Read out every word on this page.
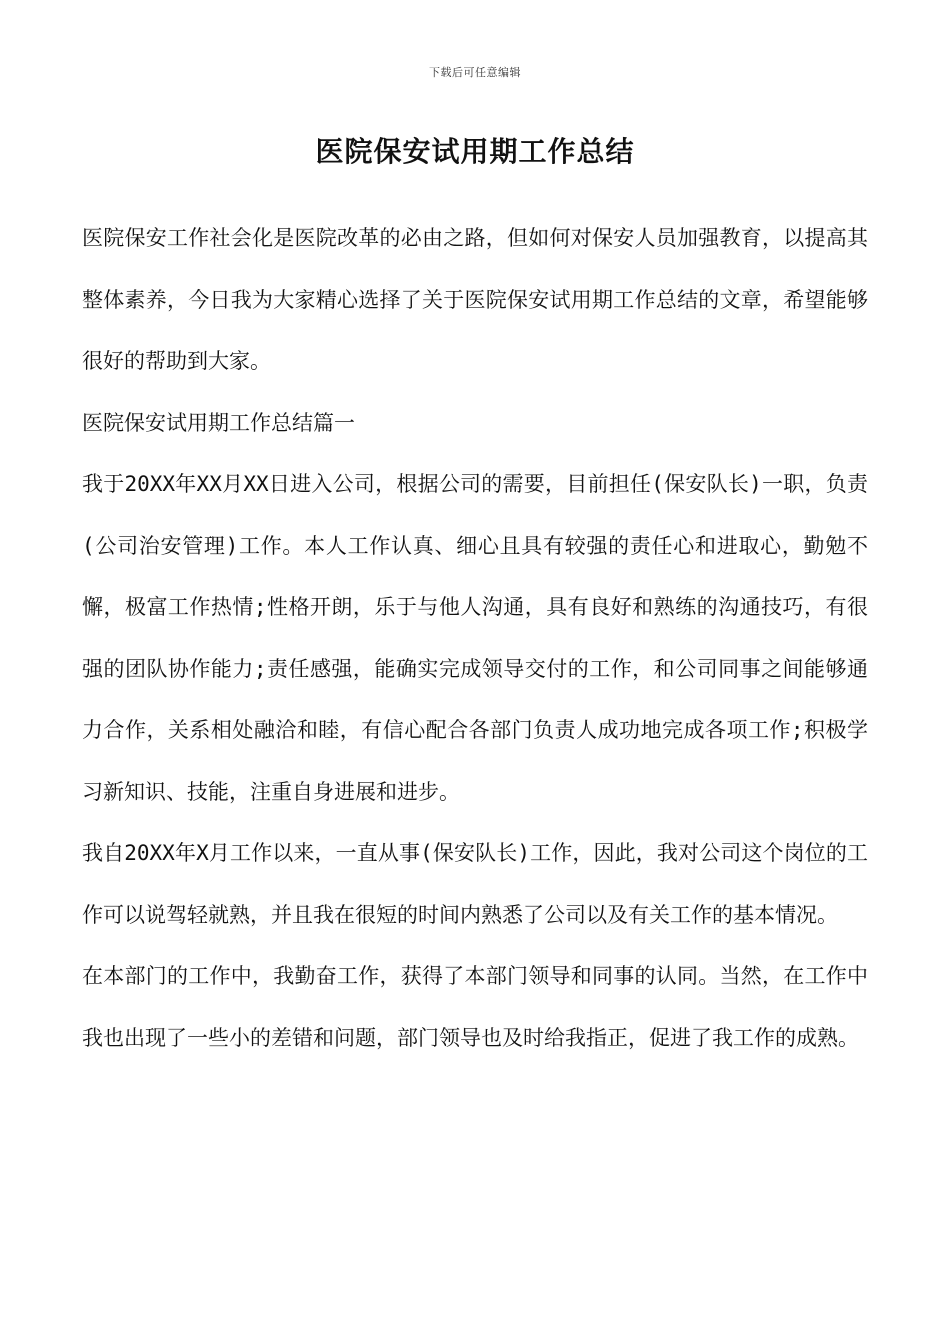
下载后可任意编辑
医院保安试用期工作总结

医院保安工作社会化是医院改革的必由之路，但如何对保安人员加强教育，以提高其整体素养，今日我为大家精心选择了关于医院保安试用期工作总结的文章，希望能够很好的帮助到大家。

医院保安试用期工作总结篇一

我于20XX年XX月XX日进入公司，根据公司的需要，目前担任(保安队长)一职，负责(公司治安管理)工作。本人工作认真、细心且具有较强的责任心和进取心，勤勉不懈，极富工作热情;性格开朗，乐于与他人沟通，具有良好和熟练的沟通技巧，有很强的团队协作能力;责任感强，能确实完成领导交付的工作，和公司同事之间能够通力合作，关系相处融洽和睦，有信心配合各部门负责人成功地完成各项工作;积极学习新知识、技能，注重自身进展和进步。

我自20XX年X月工作以来，一直从事(保安队长)工作，因此，我对公司这个岗位的工作可以说驾轻就熟，并且我在很短的时间内熟悉了公司以及有关工作的基本情况。

在本部门的工作中，我勤奋工作，获得了本部门领导和同事的认同。当然，在工作中我也出现了一些小的差错和问题，部门领导也及时给我指正，促进了我工作的成熟。
